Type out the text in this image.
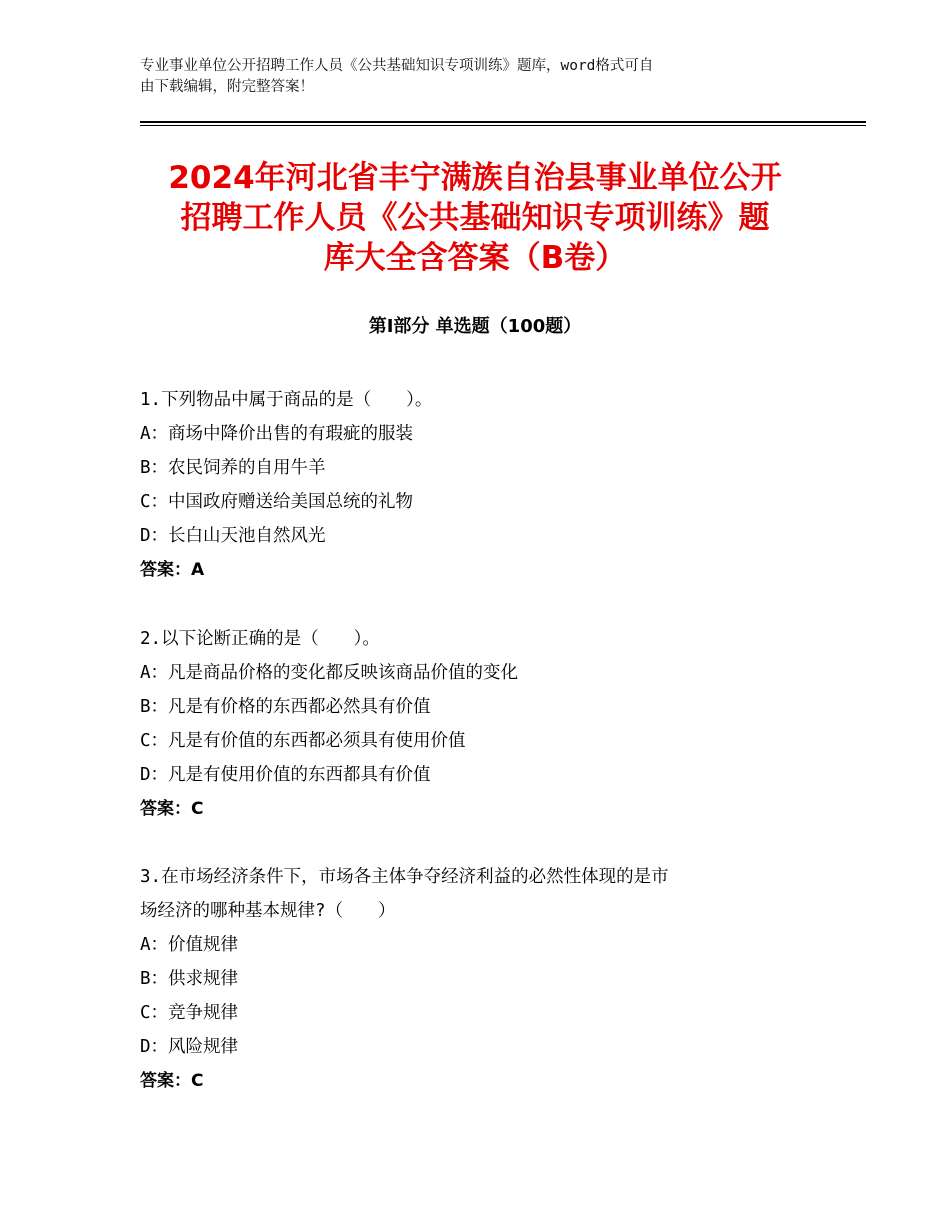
专业事业单位公开招聘工作人员《公共基础知识专项训练》题库，word格式可自
由下载编辑，附完整答案！
2024年河北省丰宁满族自治县事业单位公开
招聘工作人员《公共基础知识专项训练》题
库大全含答案（B卷）
第Ⅰ部分 单选题（100题）
1.下列物品中属于商品的是（　　）。
A：商场中降价出售的有瑕疵的服装
B：农民饲养的自用牛羊
C：中国政府赠送给美国总统的礼物
D：长白山天池自然风光
答案：A
2.以下论断正确的是（　　）。
A：凡是商品价格的变化都反映该商品价值的变化
B：凡是有价格的东西都必然具有价值
C：凡是有价值的东西都必须具有使用价值
D：凡是有使用价值的东西都具有价值
答案：C
3.在市场经济条件下，市场各主体争夺经济利益的必然性体现的是市
场经济的哪种基本规律?（　　）
A：价值规律
B：供求规律
C：竞争规律
D：风险规律
答案：C
